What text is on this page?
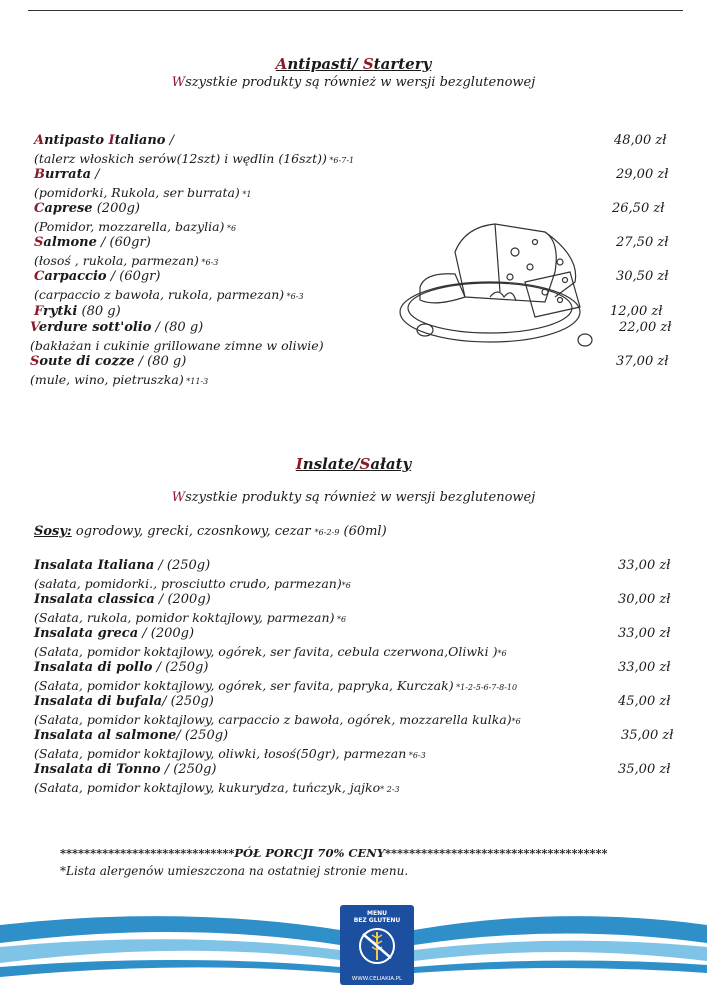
Antipasti/ Startery
Wszystkie produkty są również w wersji bezglutenowej
Antipasto Italiano /
(talerz włoskich serów(12szt) i wędlin (16szt)) *6-7-1
48,00 zł
Burrata /
(pomidorki, Rukola, ser burrata) *1
29,00 zł
Caprese (200g)
(Pomidor, mozzarella, bazylia) *6
26,50 zł
Salmone / (60gr)
(łosoś , rukola, parmezan) *6-3
27,50 zł
Carpaccio / (60gr)
(carpaccio z bawoła, rukola, parmezan) *6-3
30,50 zł
Frytki (80 g)	12,00 zł
Verdure sott'olio / (80 g)
(bakłażan i cukinie grillowane zimne w oliwie)
22,00 zł
Soute di cozze / (80 g)
(mule, wino, pietruszka) *11-3
37,00 zł
Inslate/Sałaty
Wszystkie produkty są również w wersji bezglutenowej
Sosy: ogrodowy, grecki, czosnkowy, cezar *6-2-9 (60ml)
Insalata Italiana / (250g)
(sałata, pomidorki., prosciutto crudo, parmezan)*6
33,00 zł
Insalata classica / (200g)
(Sałata, rukola, pomidor koktajlowy, parmezan) *6
30,00 zł
Insalata greca / (200g)
(Sałata, pomidor koktajlowy, ogórek, ser favita, cebula czerwona,Oliwki )*6
33,00 zł
Insalata di pollo / (250g)
(Sałata, pomidor koktajlowy, ogórek, ser favita, papryka, Kurczak) *1-2-5-6-7-8-10
33,00 zł
Insalata di bufala/ (250g)
(Sałata, pomidor koktajlowy, carpaccio z bawoła, ogórek, mozzarella kulka)*6
45,00 zł
Insalata al salmone/ (250g)
(Sałata, pomidor koktajlowy, oliwki, łosoś(50gr), parmezan *6-3
35,00 zł
Insalata di Tonno / (250g)
(Sałata, pomidor koktajlowy, kukurydza, tuńczyk, jajko* 2-3
35,00 zł
*****************************PÓŁ PORCJI 70% CENY*************************************
*Lista alergenów umieszczona na ostatniej stronie menu.
MENU
BEZ GLUTENU
WWW.CELIAKIA.PL
